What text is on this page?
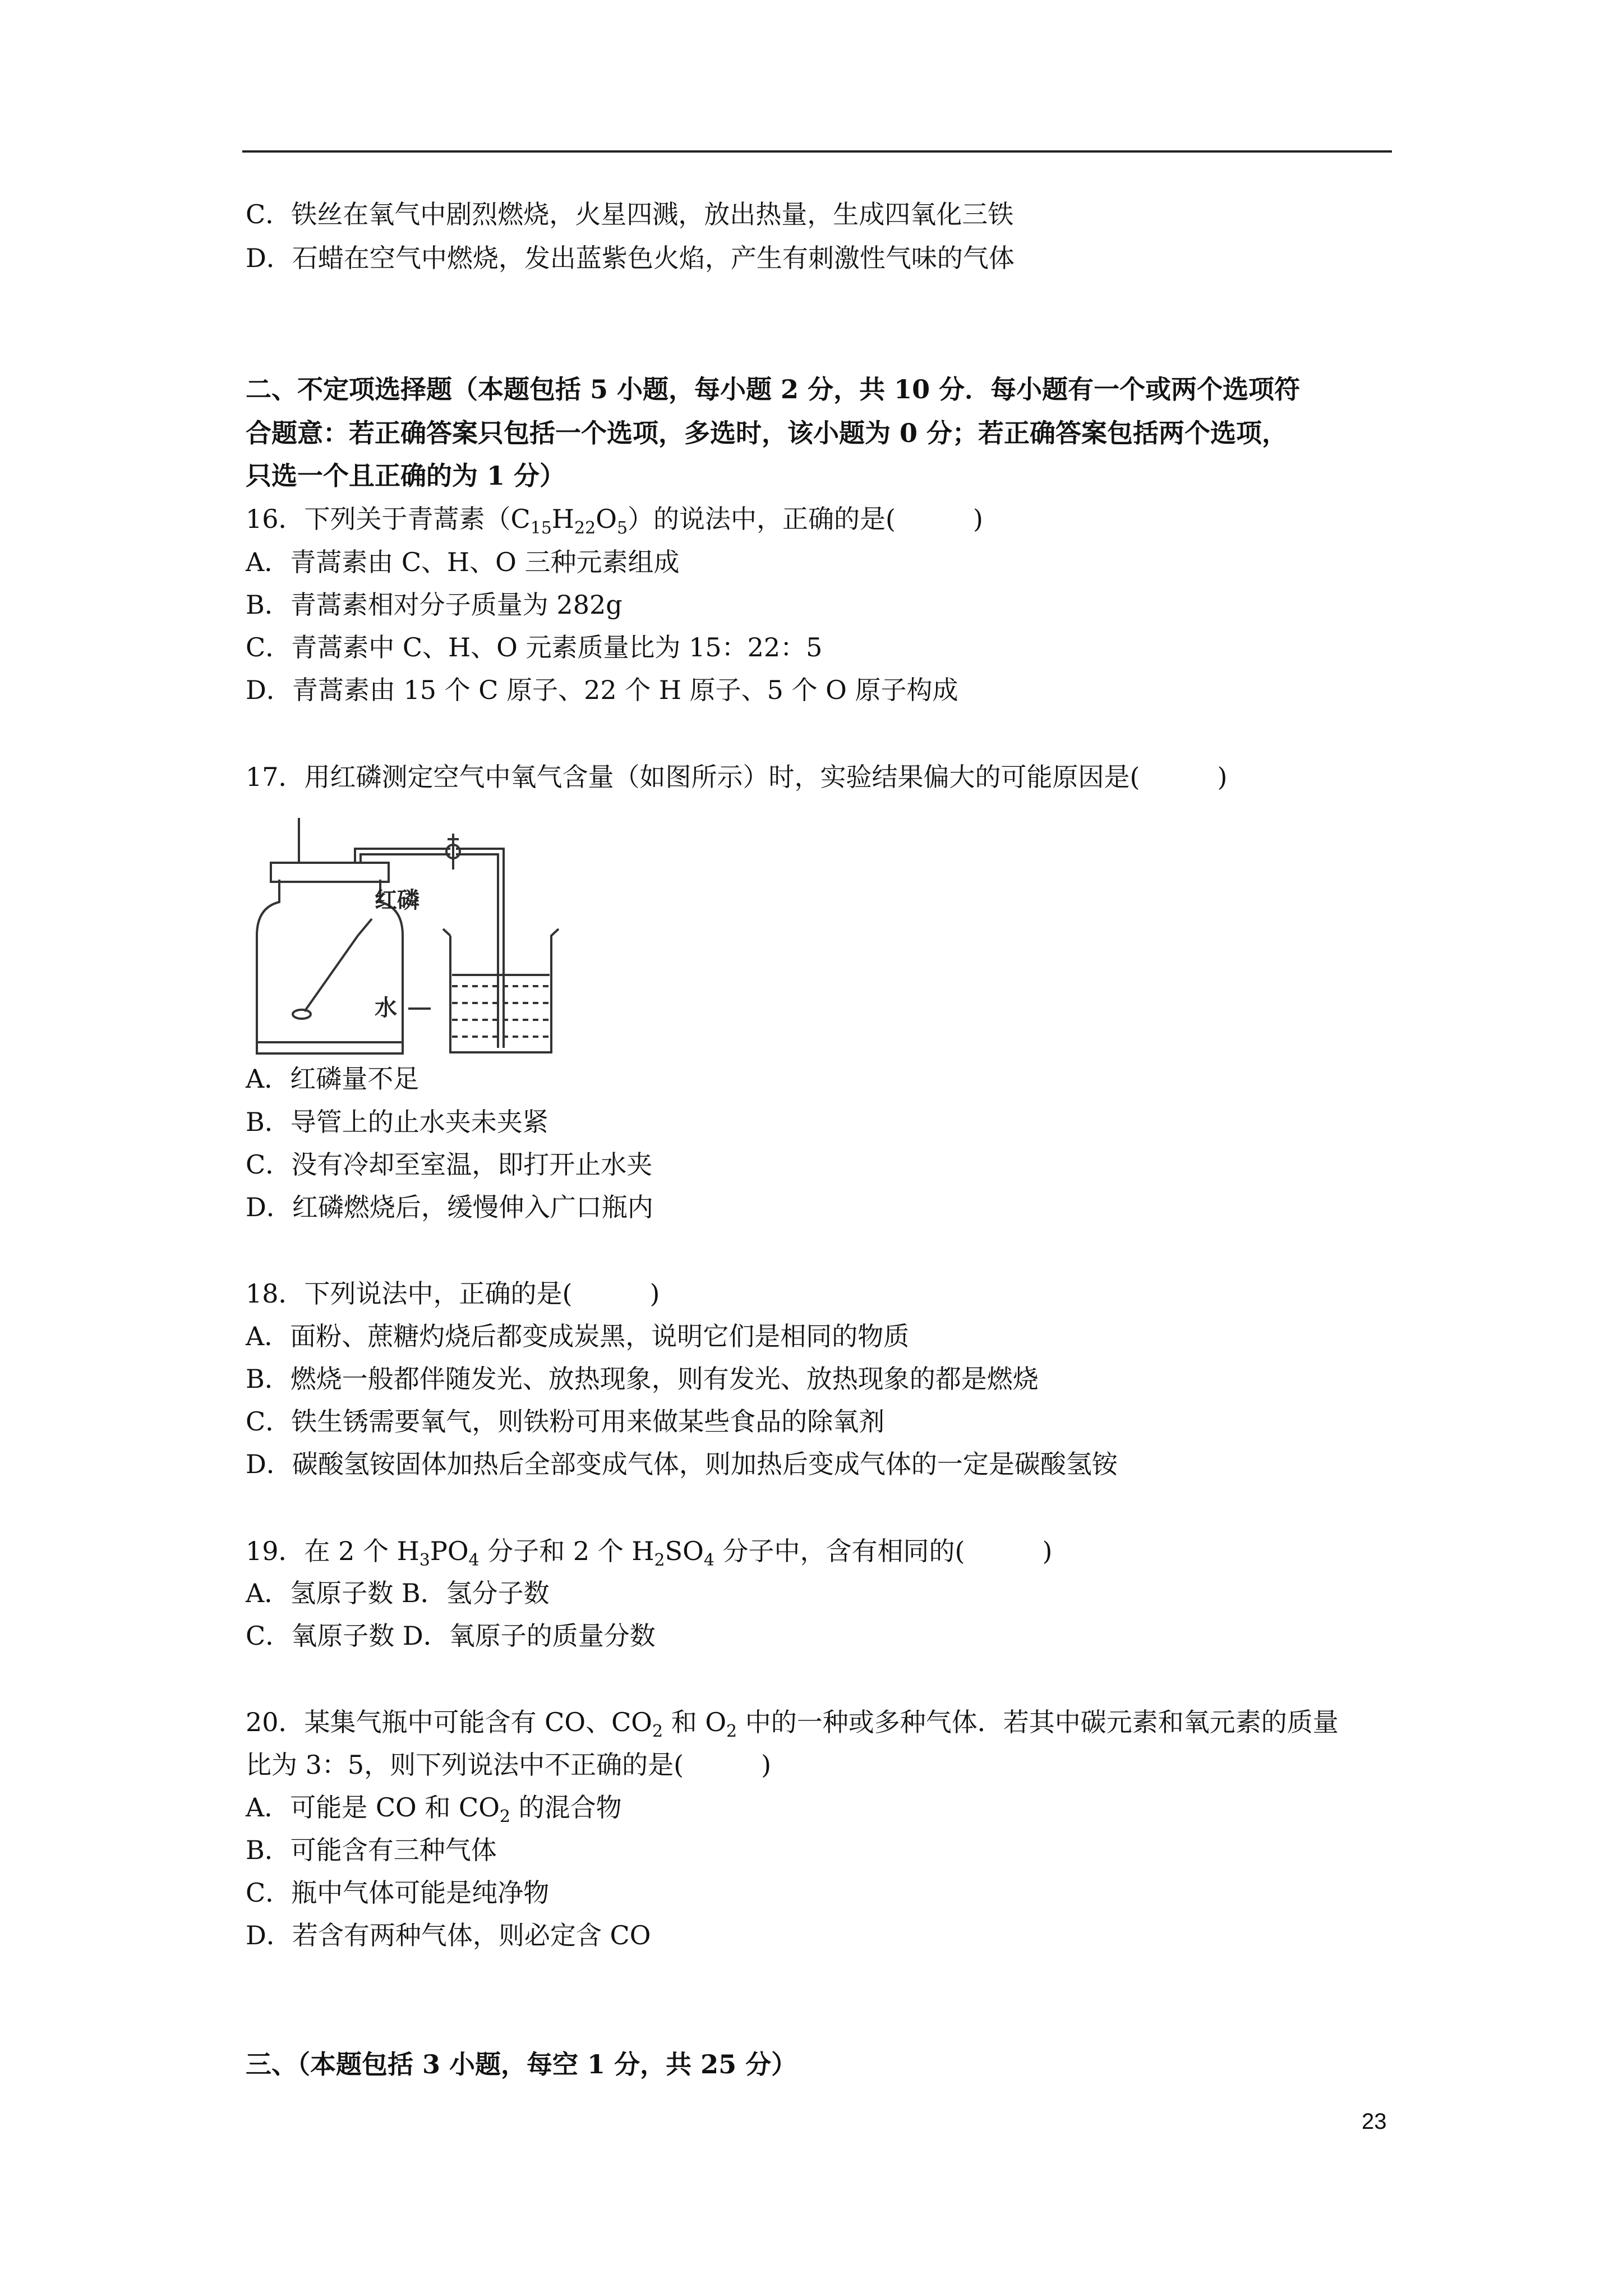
C．铁丝在氧气中剧烈燃烧，火星四溅，放出热量，生成四氧化三铁
D．石蜡在空气中燃烧，发出蓝紫色火焰，产生有刺激性气味的气体
二、不定项选择题（本题包括 5 小题，每小题 2 分，共 10 分．每小题有一个或两个选项符
合题意：若正确答案只包括一个选项，多选时，该小题为 0 分；若正确答案包括两个选项，
只选一个且正确的为 1 分）
16．下列关于青蒿素$(C_{15}H_{22}O_5)$的说法中，正确的是(　　　)
A．青蒿素由 C、H、O 三种元素组成
B．青蒿素相对分子质量为 282g
C．青蒿素中 C、H、O 元素质量比为 15：22：5
D．青蒿素由 15 个 C 原子、22 个 H 原子、5 个 O 原子构成
17．用红磷测定空气中氧气含量（如图所示）时，实验结果偏大的可能原因是(　　　)
红磷
水
A．红磷量不足
B．导管上的止水夹未夹紧
C．没有冷却至室温，即打开止水夹
D．红磷燃烧后，缓慢伸入广口瓶内
18．下列说法中，正确的是(　　　)
A．面粉、蔗糖灼烧后都变成炭黑，说明它们是相同的物质
B．燃烧一般都伴随发光、放热现象，则有发光、放热现象的都是燃烧
C．铁生锈需要氧气，则铁粉可用来做某些食品的除氧剂
D．碳酸氢铵固体加热后全部变成气体，则加热后变成气体的一定是碳酸氢铵
19．在 2 个 $H_3PO_4$ 分子和 2 个 $H_2SO_4$ 分子中，含有相同的(　　　)
A．氢原子数 B．氢分子数
C．氧原子数 D．氧原子的质量分数
20．某集气瓶中可能含有 CO、$CO_2$ 和 $O_2$ 中的一种或多种气体．若其中碳元素和氧元素的质量
比为 3：5，则下列说法中不正确的是(　　　)
A．可能是 CO 和 $CO_2$ 的混合物
B．可能含有三种气体
C．瓶中气体可能是纯净物
D．若含有两种气体，则必定含 CO
三、（本题包括 3 小题，每空 1 分，共 25 分）
23
